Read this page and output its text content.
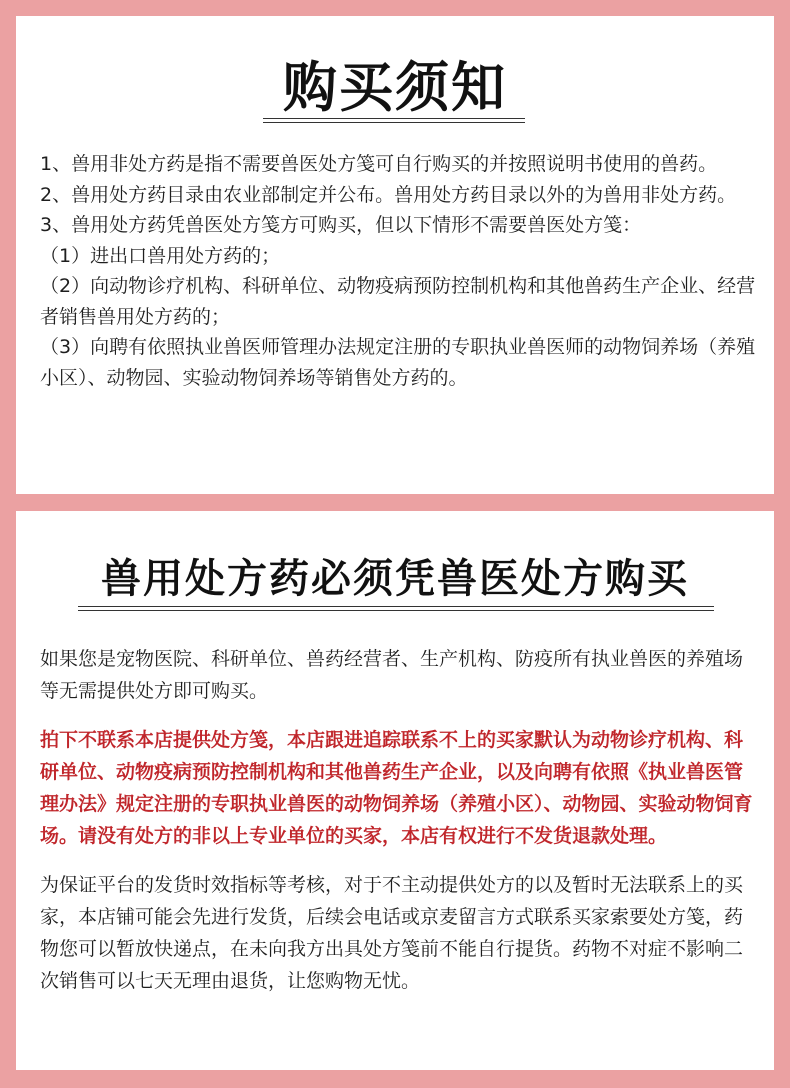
购买须知

1、兽用非处方药是指不需要兽医处方笺可自行购买的并按照说明书使用的兽药。

2、兽用处方药目录由农业部制定并公布。兽用处方药目录以外的为兽用非处方药。

3、兽用处方药凭兽医处方笺方可购买，但以下情形不需要兽医处方笺：

（1）进出口兽用处方药的；

（2）向动物诊疗机构、科研单位、动物疫病预防控制机构和其他兽药生产企业、经营者销售兽用处方药的；

（3）向聘有依照执业兽医师管理办法规定注册的专职执业兽医师的动物饲养场（养殖小区）、动物园、实验动物饲养场等销售处方药的。

兽用处方药必须凭兽医处方购买

如果您是宠物医院、科研单位、兽药经营者、生产机构、防疫所有执业兽医的养殖场等无需提供处方即可购买。

拍下不联系本店提供处方笺，本店跟进追踪联系不上的买家默认为动物诊疗机构、科研单位、动物疫病预防控制机构和其他兽药生产企业，以及向聘有依照《执业兽医管理办法》规定注册的专职执业兽医的动物饲养场（养殖小区）、动物园、实验动物饲育场。请没有处方的非以上专业单位的买家，本店有权进行不发货退款处理。

为保证平台的发货时效指标等考核，对于不主动提供处方的以及暂时无法联系上的买家，本店铺可能会先进行发货，后续会电话或京麦留言方式联系买家索要处方笺，药物您可以暂放快递点，在未向我方出具处方笺前不能自行提货。药物不对症不影响二次销售可以七天无理由退货，让您购物无忧。
